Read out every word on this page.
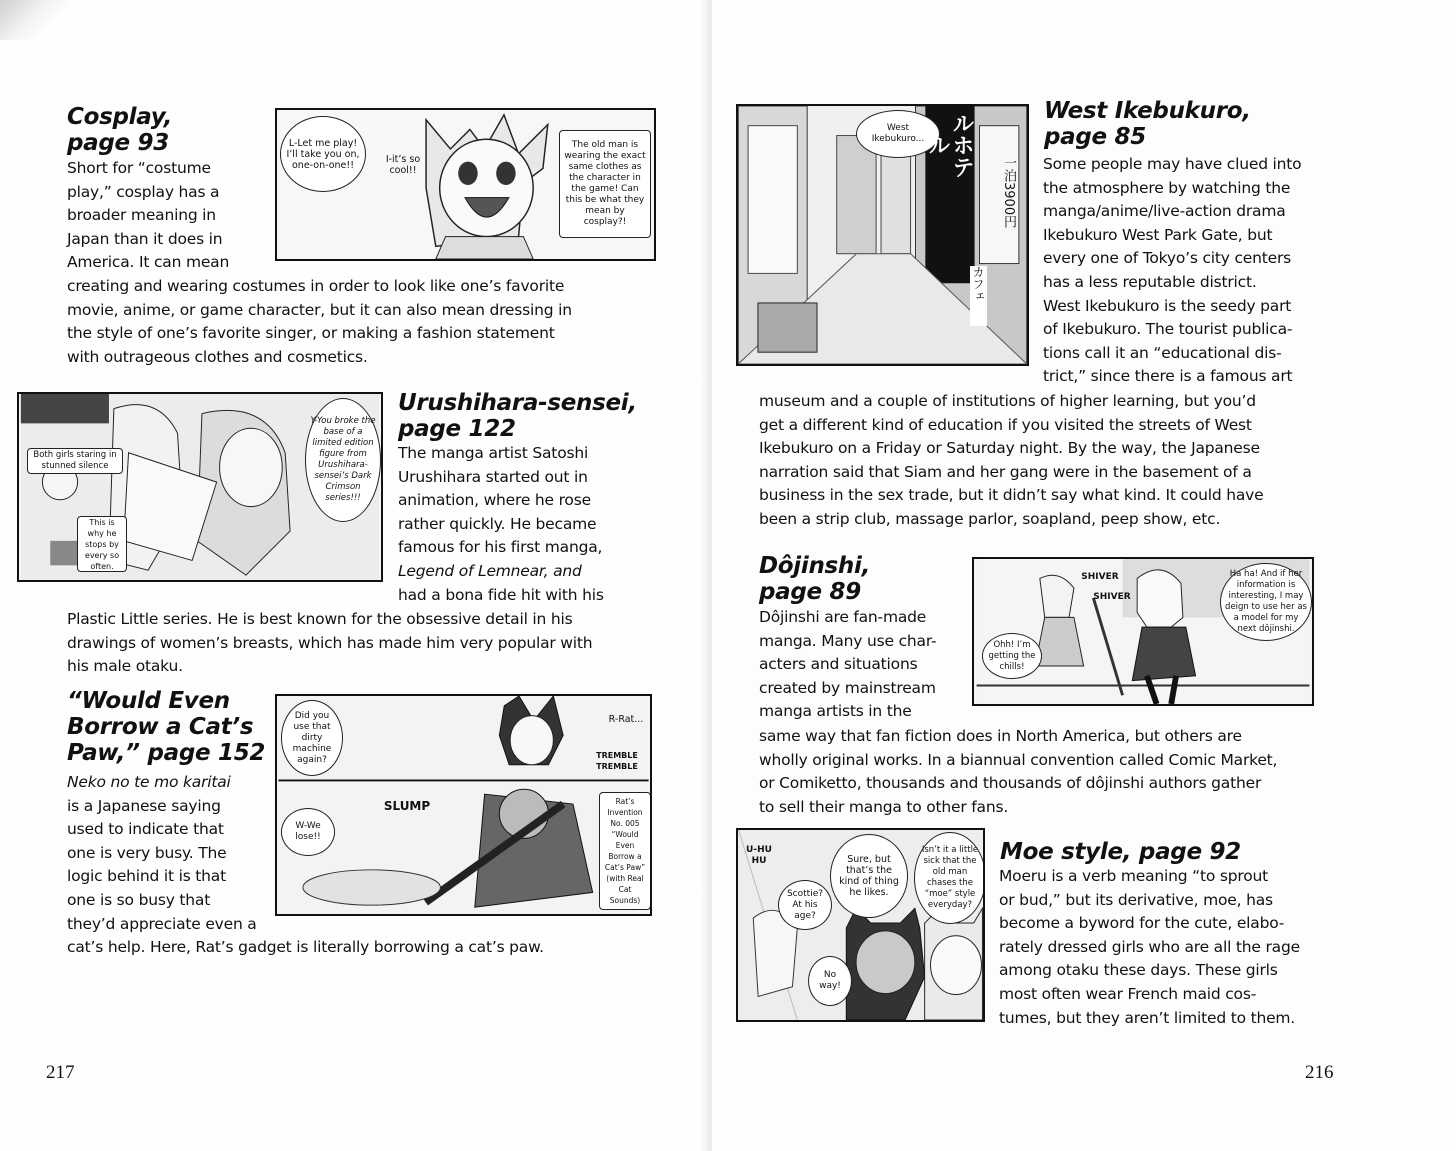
Cosplay,
page 93
Short for “costume
play,” cosplay has a
broader meaning in
Japan than it does in
America. It can mean
creating and wearing costumes in order to look like one’s favorite
movie, anime, or game character, but it can also mean dressing in
the style of one’s favorite singer, or making a fashion statement
with outrageous clothes and cosmetics.
L-Let me play! I’ll take you on, one-on-one!!	I-it’s so cool!!
The old man is wearing the exact same clothes as the character in the game! Can this be what they mean by cosplay?!
Y-You broke the base of a limited edition figure from Urushihara-sensei’s Dark Crimson series!!!
Both girls staring in stunned silence
This is why he stops by every so often.
Urushihara-sensei,
page 122
The manga artist Satoshi
Urushihara started out in
animation, where he rose
rather quickly. He became
famous for his first manga,
Legend of Lemnear, and
had a bona fide hit with his
Plastic Little series. He is best known for the obsessive detail in his
drawings of women’s breasts, which has made him very popular with
his male otaku.
“Would Even
Borrow a Cat’s
Paw,” page 152
Neko no te mo karitai
is a Japanese saying
used to indicate that
one is very busy. The
logic behind it is that
one is so busy that
they’d appreciate even a
cat’s help. Here, Rat’s gadget is literally borrowing a cat’s paw.
Did you use that dirty machine again?
R-Rat...
TREMBLE TREMBLE
W-We lose!!
SLUMP	Rat’s Invention No. 005 “Would Even Borrow a Cat’s Paw” (with Real Cat Sounds)
217
West Ikebukuro...	ルホテル
一泊3900円
カフェ
West Ikebukuro,
page 85
Some people may have clued into
the atmosphere by watching the
manga/anime/live-action drama
Ikebukuro West Park Gate, but
every one of Tokyo’s city centers
has a less reputable district.
West Ikebukuro is the seedy part
of Ikebukuro. The tourist publica-
tions call it an “educational dis-
trict,” since there is a famous art
museum and a couple of institutions of higher learning, but you’d
get a different kind of education if you visited the streets of West
Ikebukuro on a Friday or Saturday night. By the way, the Japanese
narration said that Siam and her gang were in the basement of a
business in the sex trade, but it didn’t say what kind. It could have
been a strip club, massage parlor, soapland, peep show, etc.
Dôjinshi,
page 89
Dôjinshi are fan-made
manga. Many use char-
acters and situations
created by mainstream
manga artists in the
same way that fan fiction does in North America, but others are
wholly original works. In a biannual convention called Comic Market,
or Comiketto, thousands and thousands of dôjinshi authors gather
to sell their manga to other fans.
Ohh! I’m getting the chills!
SHIVER
SHIVER
Ha ha! And if her information is interesting, I may deign to use her as a model for my next dôjinshi.
U-HU HU	Sure, but that’s the kind of thing he likes.
Isn’t it a little sick that the old man chases the “moe” style everyday?
Scottie? At his age?
No way!
Moe style, page 92
Moeru is a verb meaning “to sprout
or bud,” but its derivative, moe, has
become a byword for the cute, elabo-
rately dressed girls who are all the rage
among otaku these days. These girls
most often wear French maid cos-
tumes, but they aren’t limited to them.
216
